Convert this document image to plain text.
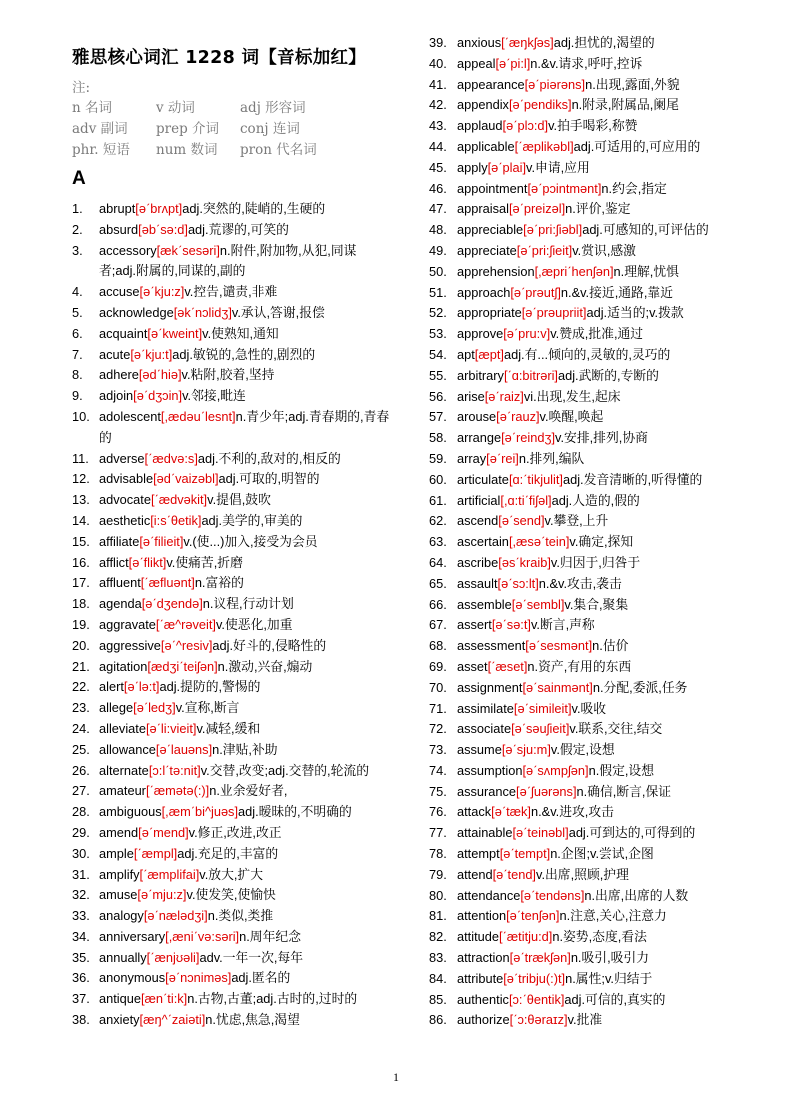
雅思核心词汇 1228 词【音标加红】
注:
n 名词	v 动词	adj 形容词
adv 副词	prep 介词	conj 连词
phr. 短语	num 数词	pron 代名词
A
1.	abrupt[əˊbrʌpt]adj.突然的,陡峭的,生硬的
2.	absurd[əbˊsə:d]adj.荒谬的,可笑的
3.	accessory[ækˊsesəri]n.附件,附加物,从犯,同谋者;adj.附属的,同谋的,副的
4.	accuse[əˊkju:z]v.控告,谴责,非难
5.	acknowledge[əkˊnɔlidʒ]v.承认,答谢,报偿
6.	acquaint[əˊkweint]v.使熟知,通知
7.	acute[əˊkju:t]adj.敏锐的,急性的,剧烈的
8.	adhere[ədˊhiə]v.粘附,胶着,坚持
9.	adjoin[əˊdʒɔin]v.邻接,毗连
10. adolescent[,ædəuˊlesnt]n.青少年;adj.青春期的,青春的
11. adverse[ˊædvə:s]adj.不利的,敌对的,相反的
12. advisable[ədˊvaizəbl]adj.可取的,明智的
13. advocate[ˊædvəkit]v.提倡,鼓吹
14. aesthetic[i:sˊθetik]adj.美学的,审美的
15. affiliate[əˊfilieit]v.(使...)加入,接受为会员
16. afflict[əˊflikt]v.使痛苦,折磨
17. affluent[ˊæfluənt]n.富裕的
18. agenda[əˊdʒendə]n.议程,行动计划
19. aggravate[ˊæ^rəveit]v.使恶化,加重
20. aggressive[əˊ^resiv]adj.好斗的,侵略性的
21. agitation[ædʒiˊteiʃən]n.激动,兴奋,煽动
22. alert[əˊlə:t]adj.提防的,警惕的
23. allege[əˊledʒ]v.宣称,断言
24. alleviate[əˊli:vieit]v.减轻,缓和
25. allowance[əˊlauəns]n.津贴,补助
26. alternate[ɔ:lˊtə:nit]v.交替,改变;adj.交替的,轮流的
27. amateur[ˊæmətə(:)]n.业余爱好者,
28. ambiguous[,æmˊbi^juəs]adj.暧昧的,不明确的
29. amend[əˊmend]v.修正,改进,改正
30. ample[ˊæmpl]adj.充足的,丰富的
31. amplify[ˊæmplifai]v.放大,扩大
32. amuse[əˊmju:z]v.使发笑,使愉快
33. analogy[əˊnælədʒi]n.类似,类推
34. anniversary[,æniˊvə:səri]n.周年纪念
35. annually[ˊænjʊəli]adv.一年一次,每年
36. anonymous[əˊnɔniməs]adj.匿名的
37. antique[ænˊti:k]n.古物,古董;adj.古时的,过时的
38. anxiety[æŋ^ˊzaiəti]n.忧虑,焦急,渴望
39. anxious[ˊæŋkʃəs]adj.担忧的,渴望的
40. appeal[əˊpi:l]n.&v.请求,呼吁,控诉
41. appearance[əˊpiərəns]n.出现,露面,外貌
42. appendix[əˊpendiks]n.附录,附属品,阑尾
43. applaud[əˊplɔ:d]v.拍手喝彩,称赞
44. applicable[ˊæplikəbl]adj.可适用的,可应用的
45. apply[əˊplai]v.申请,应用
46. appointment[əˊpɔintmənt]n.约会,指定
47. appraisal[əˊpreizəl]n.评价,鉴定
48. appreciable[əˊpri:ʃiəbl]adj.可感知的,可评估的
49. appreciate[əˊpri:ʃieit]v.赏识,感激
50. apprehension[,æpriˊhenʃən]n.理解,忧惧
51. approach[əˊprəutʃ]n.&v.接近,通路,靠近
52. appropriate[əˊprəupriit]adj.适当的;v.拨款
53. approve[əˊpru:v]v.赞成,批准,通过
54. apt[æpt]adj.有...倾向的,灵敏的,灵巧的
55. arbitrary[ˊɑ:bitrəri]adj.武断的,专断的
56. arise[əˊraiz]vi.出现,发生,起床
57. arouse[əˊrauz]v.唤醒,唤起
58. arrange[əˊreindʒ]v.安排,排列,协商
59. array[əˊrei]n.排列,编队
60. articulate[ɑ:ˊtikjulit]adj.发音清晰的,听得懂的
61. artificial[,ɑ:tiˊfiʃəl]adj.人造的,假的
62. ascend[əˊsend]v.攀登,上升
63. ascertain[,æsəˊtein]v.确定,探知
64. ascribe[əsˊkraib]v.归因于,归咎于
65. assault[əˊsɔ:lt]n.&v.攻击,袭击
66. assemble[əˊsembl]v.集合,聚集
67. assert[əˊsə:t]v.断言,声称
68. assessment[əˊsesmənt]n.估价
69. asset[ˊæset]n.资产,有用的东西
70. assignment[əˊsainmənt]n.分配,委派,任务
71. assimilate[əˊsimileit]v.吸收
72. associate[əˊsəuʃieit]v.联系,交往,结交
73. assume[əˊsju:m]v.假定,设想
74. assumption[əˊsʌmpʃən]n.假定,设想
75. assurance[əˊʃuərəns]n.确信,断言,保证
76. attack[əˊtæk]n.&v.进攻,攻击
77. attainable[əˊteinəbl]adj.可到达的,可得到的
78. attempt[əˊtempt]n.企图;v.尝试,企图
79. attend[əˊtend]v.出席,照顾,护理
80. attendance[əˊtendəns]n.出席,出席的人数
81. attention[əˊtenʃən]n.注意,关心,注意力
82. attitude[ˊætitju:d]n.姿势,态度,看法
83. attraction[əˊtrækʃən]n.吸引,吸引力
84. attribute[əˊtribju(:)t]n.属性;v.归结于
85. authentic[ɔ:ˊθentik]adj.可信的,真实的
86. authorize[ˊɔ:θəraɪz]v.批准
1
